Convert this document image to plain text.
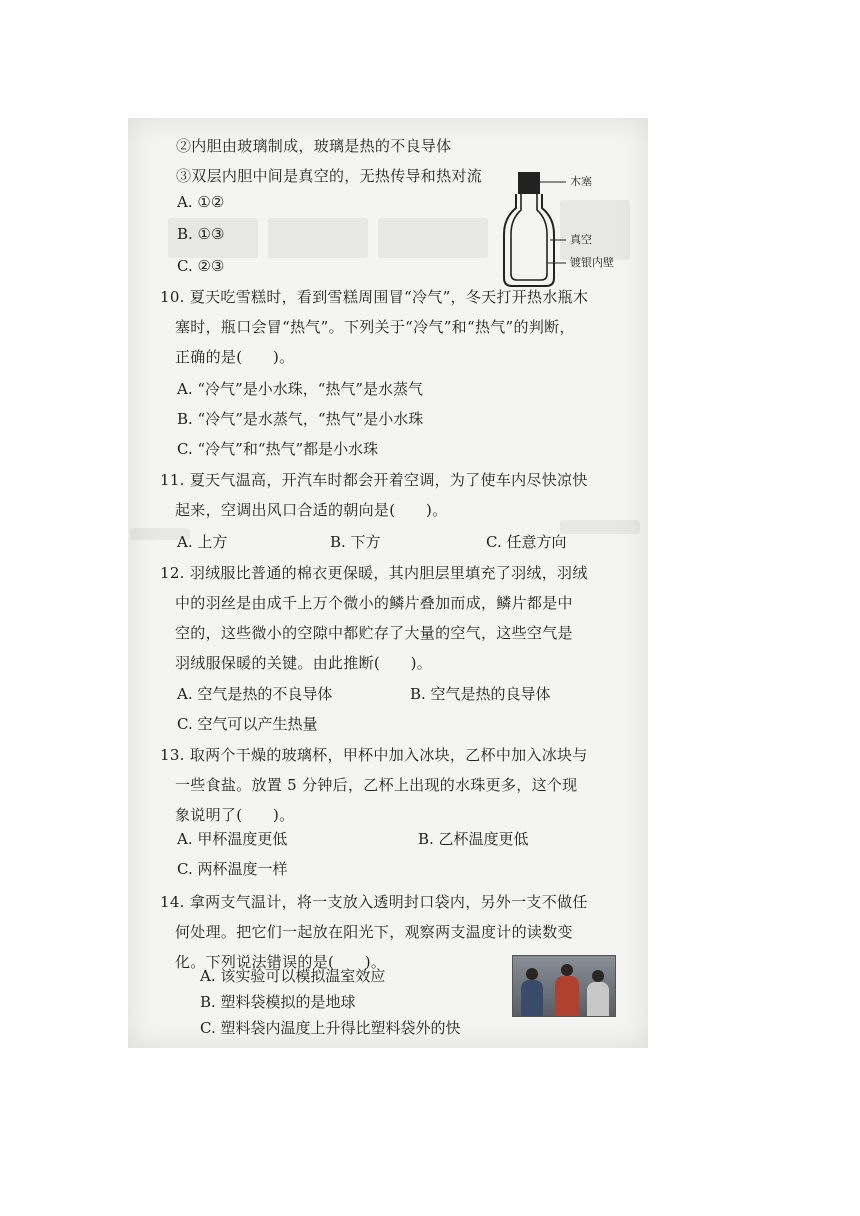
②内胆由玻璃制成，玻璃是热的不良导体
③双层内胆中间是真空的，无热传导和热对流
A. ①②
B. ①③
C. ②③
木塞
真空
镀银内壁
10. 夏天吃雪糕时，看到雪糕周围冒“冷气”，冬天打开热水瓶木
塞时，瓶口会冒“热气”。下列关于“冷气”和“热气”的判断，
正确的是(　　)。
A. “冷气”是小水珠，“热气”是水蒸气
B. “冷气”是水蒸气，“热气”是小水珠
C. “冷气”和“热气”都是小水珠
11. 夏天气温高，开汽车时都会开着空调，为了使车内尽快凉快
起来，空调出风口合适的朝向是(　　)。
A. 上方	B. 下方	C. 任意方向
12. 羽绒服比普通的棉衣更保暖，其内胆层里填充了羽绒，羽绒
中的羽丝是由成千上万个微小的鳞片叠加而成，鳞片都是中
空的，这些微小的空隙中都贮存了大量的空气，这些空气是
羽绒服保暖的关键。由此推断(　　)。
A. 空气是热的不良导体	B. 空气是热的良导体
C. 空气可以产生热量
13. 取两个干燥的玻璃杯，甲杯中加入冰块，乙杯中加入冰块与
一些食盐。放置 5 分钟后，乙杯上出现的水珠更多，这个现
象说明了(　　)。
A. 甲杯温度更低	B. 乙杯温度更低
C. 两杯温度一样
14. 拿两支气温计，将一支放入透明封口袋内，另外一支不做任
何处理。把它们一起放在阳光下，观察两支温度计的读数变
化。下列说法错误的是(　　)。
A. 该实验可以模拟温室效应
B. 塑料袋模拟的是地球
C. 塑料袋内温度上升得比塑料袋外的快
